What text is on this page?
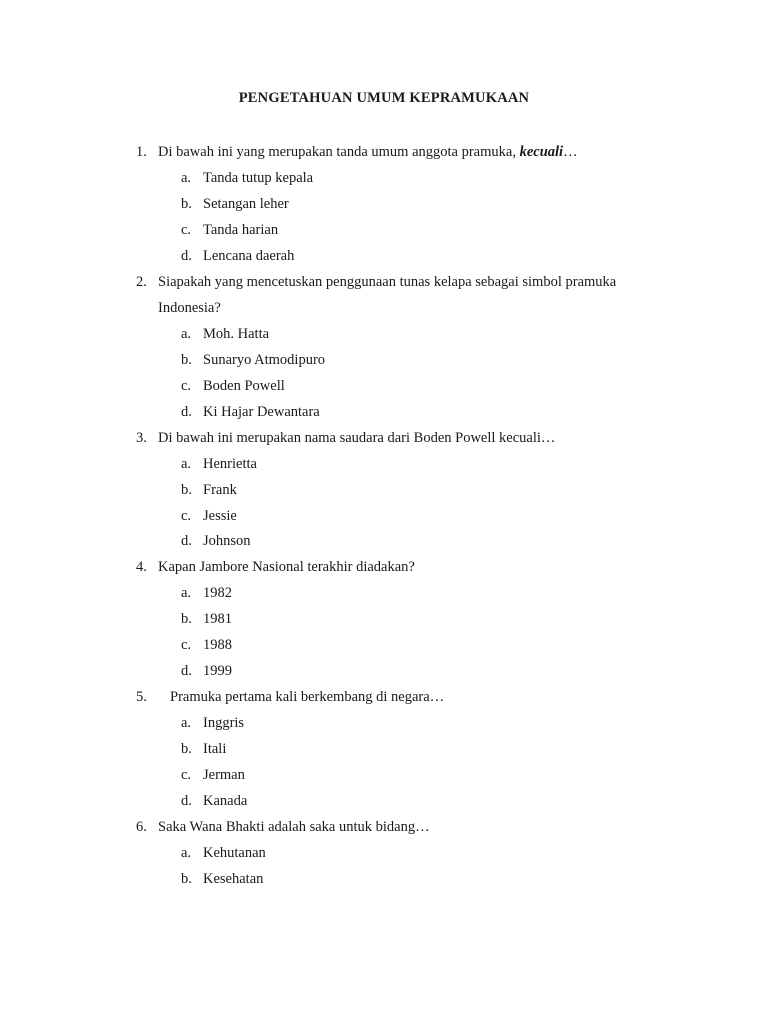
PENGETAHUAN UMUM KEPRAMUKAAN
1. Di bawah ini yang merupakan tanda umum anggota pramuka, kecuali…
a. Tanda tutup kepala
b. Setangan leher
c. Tanda harian
d. Lencana daerah
2. Siapakah yang mencetuskan penggunaan tunas kelapa sebagai simbol pramuka
Indonesia?
a. Moh. Hatta
b. Sunaryo Atmodipuro
c. Boden Powell
d. Ki Hajar Dewantara
3. Di bawah ini merupakan nama saudara dari Boden Powell kecuali…
a. Henrietta
b. Frank
c. Jessie
d. Johnson
4. Kapan Jambore Nasional terakhir diadakan?
a. 1982
b. 1981
c. 1988
d. 1999
5. Pramuka pertama kali berkembang di negara…
a. Inggris
b. Itali
c. Jerman
d. Kanada
6. Saka Wana Bhakti adalah saka untuk bidang…
a. Kehutanan
b. Kesehatan
